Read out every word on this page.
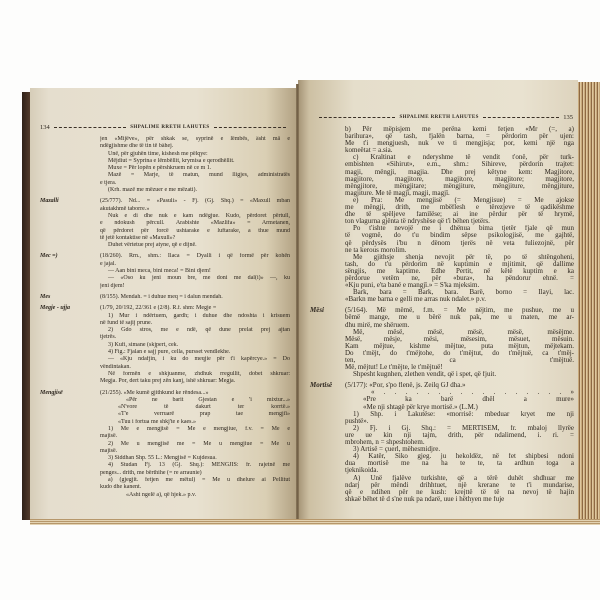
134	SHPALIME RRETH LAHUTES
jen «Mijëve», për shkak se, syprinë e lëmbës, âsht mä e
ndëgjishme dhe të tin të bâhej.
Unë, për gjuhën time, kishesh me pëlqye:
Mëjdiut = Syprina e lëmbëllit, krymisa e qerodhëllit.
Muxe = Për lopën e përshkruem në ce m 1.
Mazë = Marje, të matun, mund lligjes, administratës
e tjera.
(Krh. mazë me mëzuer e me mëzati).
Mazalli	(25/777). Nd... = «Pasuli» - Fj. (Gj. Shq.) = «Maxull mban
akutakhmë taborre.»
Nuk e di dhe nuk e kam ndëgjue. Kudo, përdoret përtull,
e ndokush përcull. Arabishte «Mazlifa» = Armetanen,
që përdoret për forcë ushtarake e luftarake, a thue mund
të jetë kontaktise në «Maxull»?
Duhet vërtetue prej atyne, që e dijnë.
Mec =)	(18/260). Rrn., shm.: Ilaca = Dyalli i që formë për kohën
e jajal.
— Aan bini meca, bini meca! = Bini djem!
— «Oso ku jeni moun bre, me doni me dal(i)» —, ku
jeni djem!
Mes	(8/155). Mendah. = i duhue meq = i dalun mendah.
Megje - ujja	(1/79, 20/192, 22/361 e (2/8). R.f. shm: Megje =
1) Mur i ndërtuem, gardh; i duhue dhe ndoshta i krisuem
në fund të sajij prune.
2) Gdo stros, me e ndë, që dune prelat prej ajtan
tjetrës.
3) Kufi, simane (skjpert, cek.
4) Fig.: Fjalan e sajj pure, cella, pursset vendlekhe.
— «Kju ndafjin, i ku do meqjie për t'i kapërcye.» = Do
vëndintakan.
Në formën e shkjuanme, zhdhuk rregullit, dobet shkruar:
Megja. Por, dert taku prej zën kanj, ishë shkruar: Megja.
Mengjisë	(21/255). «Me kumë gjithkund ke rëndesa...»
«Për ne barit Gjestan e 'î mixtur...»
«N'vore të dakurt ter korrtë.»
«T'e verruarë prap tae mengjiï»
«Tuu i fortua me shkj'te e kaes.»
1) Me e mengjisë = Me e mengjiue, f.v. = Me e
majisë.
2) Me u mengjisë me = Me u mengjiue = Me u
majisë.
3) Siddhan Shp. 55 L.: Mengjisë = Kujdesua.
4) Studan Fj. 13 (Gj. Shq.): MENGJIS: fr. rajetnë me
penges... drith, me bërthihe (= re arraunie)
a) (gjegjit. fetjen me mëtul) = Me u dhelure ai Pellitut
kudo dhe kanent.
«Asht ngelë a), që hjek.» p.v.
SHPALIME RRETH LAHUTES	135
b) Për mëpisjem me perëna kemi fetjen «Mr (=, a)
barihura», që tash, fjalën barna, = përdorim për ujen:
Me t'i mengjuesh, nuk ve ti mengjisja; por, kemi një nga
komeëtat = a.sia.
c) Kraltinat e nderyshme të vendit t'onë, për turk-
embishten «Sihirut», e.m., shm.: Sihireve, përdorin trajtet:
magji, mëngji, magjia. Dhe prej këtyne kem: Magjitore,
magjitore, magjitore, magjitore, magjitore; magjitore,
mëngjitore, mëngjitare; mëngjiture, mëngjiture, mëngjiture,
magjiture. Me të magjï, magji, magjï.
e) Pra: Me mengjisë (= Mengjisue) = Me ajokse
me mëngji, drith, me mbëflesh e tërezjeve të qadikëshme
dhe të spëljeve familëse; ai ine përdur për të hrymë,
ton vlagurna gjënta të ndryshëse që t'i bëhen tjetërs.
Po t'ishte nevojë me i dhënua bima tjetër fjale që mun
të vogmë, do t'u bindim sëpse psikologjisë, me gajhtë,
që përdysës i'bu n dënom tjerës në veta fuliezojnë, për
ne ta kerous morolim.
Me gjithsje shenja nevojit për të, po të shtëngoheni,
tash, do t'u përdorim në kuptimin e mjitimit, që dallime
sëngjis, me kaptime. Edhe Pertit, në këtë kuptim e ka
përdorue vetëm ne, për «bura», ha pëndorur ehnë. =
«Kju puni, e'ta bané e mangjï.» = S'ka mjeksim.
Bark, bara = Bark, bara. Barë, borno = Ilayi, lac.
«Barkn me barna e gelli me arras nuk ndalet.» p.v.
Mësi	(5/164). Më mëmë, f.m. = Me nëjtim, me pushue, me u
bëmë mange, me u bërë nuk pak, me u maten, me ar-
dhu mirë, me shëruem.
Më, mësë, mësë, mësë, mësë, mësëjme.
Mësë, mësje, mësi, mësesim, mësuet, mësuin.
Kam mëjtue, kishme mëjtue, puta mëjtun, mëjtekam.
Do t'mëjt, do t'mëjtohe, do t'mëjtut, do t'mëjtuë, ca t'mëj-
ten, ca t'mëjtuë.
Më, mëjtut! Le t'mëjte, le t'mëjtuë!
Shpesht kugnhen, zlethen vendit, që i spet, që fjuit.
Mortisë (5/177): «Por, s'po flenë, js. Zeilq GJ dha.»
« . . . . . . . . . . . . . . . . . »
«Pre ka barë dhël a mure»
«Me nji shtagë për krye mortisë.» (L.M.)
1) Shp. i Lakutëse: «morrisë: mbeduar kryet me nji
pushtë».
2) Fj. i Gj. Shq.: = MERTISEM, fr. mbaloj llyrëe
ure ue kin nji tajm, drith, për ndalimend, i. ri. =
mbrohem, n = shpeshtohem.
3) Artisë = çuerl, mëhesmidjre.
4) Katër, Siko gjeg. ju hekoldëz, në fet shipbesi ndoni
dua mortisë me na ha te te, ta ardhun toga a
tjeknikoida.
A) Unë fjalëve turkishte, që a tërë duhët shdhuar me
ndarj për mëndi drihhtuet, një krerane te t'i mundarise,
që e ndihen për ne kush: krejttë të të na nevoj të hajin
shkaë bëhet të d s'ne nuk pa ndarë, uue i hëthyen me fuje
